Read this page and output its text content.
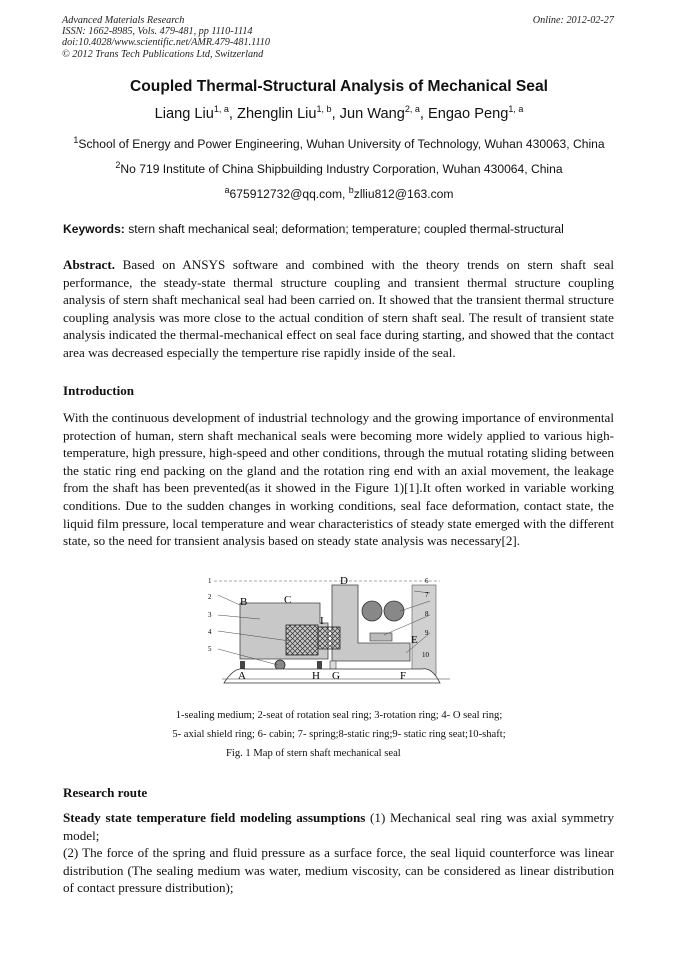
Advanced Materials Research
ISSN: 1662-8985, Vols. 479-481, pp 1110-1114
doi:10.4028/www.scientific.net/AMR.479-481.1110
© 2012 Trans Tech Publications Ltd, Switzerland
Online: 2012-02-27
Coupled Thermal-Structural Analysis of Mechanical Seal
Liang Liu$^{1, a}$, Zhenglin Liu$^{1, b}$, Jun Wang$^{2, a}$, Engao Peng$^{1, a}$
$^1$School of Energy and Power Engineering, Wuhan University of Technology, Wuhan 430063, China
$^2$No 719 Institute of China Shipbuilding Industry Corporation, Wuhan 430064, China
$^a$675912732@qq.com, $^b$zlliu812@163.com
Keywords: stern shaft mechanical seal; deformation; temperature; coupled thermal-structural
Abstract. Based on ANSYS software and combined with the theory trends on stern shaft seal performance, the steady-state thermal structure coupling and transient thermal structure coupling analysis of stern shaft mechanical seal had been carried on. It showed that the transient thermal structure coupling analysis was more close to the actual condition of stern shaft seal. The result of transient state analysis indicated the thermal-mechanical effect on seal face during starting, and showed that the contact area was decreased especially the temperture rise rapidly inside of the seal.
Introduction
With the continuous development of industrial technology and the growing importance of environmental protection of human, stern shaft mechanical seals were becoming more widely applied to various high-temperature, high pressure, high-speed and other conditions, through the mutual rotating sliding between the static ring end packing on the gland and the rotation ring end with an axial movement, the leakage from the shaft has been prevented(as it showed in the Figure 1)[1].It often worked in variable working conditions. Due to the sudden changes in working conditions, seal face deformation, contact state, the liquid film pressure, local temperature and wear characteristics of steady state emerged with the different state, so the need for transient analysis based on steady state analysis was necessary[2].
1
2
3
4
5
6
7
8
9
10
A
B	C
D
E
F
G
H
I
1-sealing medium; 2-seat of rotation seal ring; 3-rotation ring; 4- O seal ring;
5- axial shield ring; 6- cabin; 7- spring;8-static ring;9- static ring seat;10-shaft;
Fig. 1 Map of stern shaft mechanical seal
Research route

Steady state temperature field modeling assumptions (1) Mechanical seal ring was axial symmetry model;

(2) The force of the spring and fluid pressure as a surface force, the seal liquid counterforce was linear distribution (The sealing medium was water, medium viscosity, can be considered as linear distribution of contact pressure distribution);
